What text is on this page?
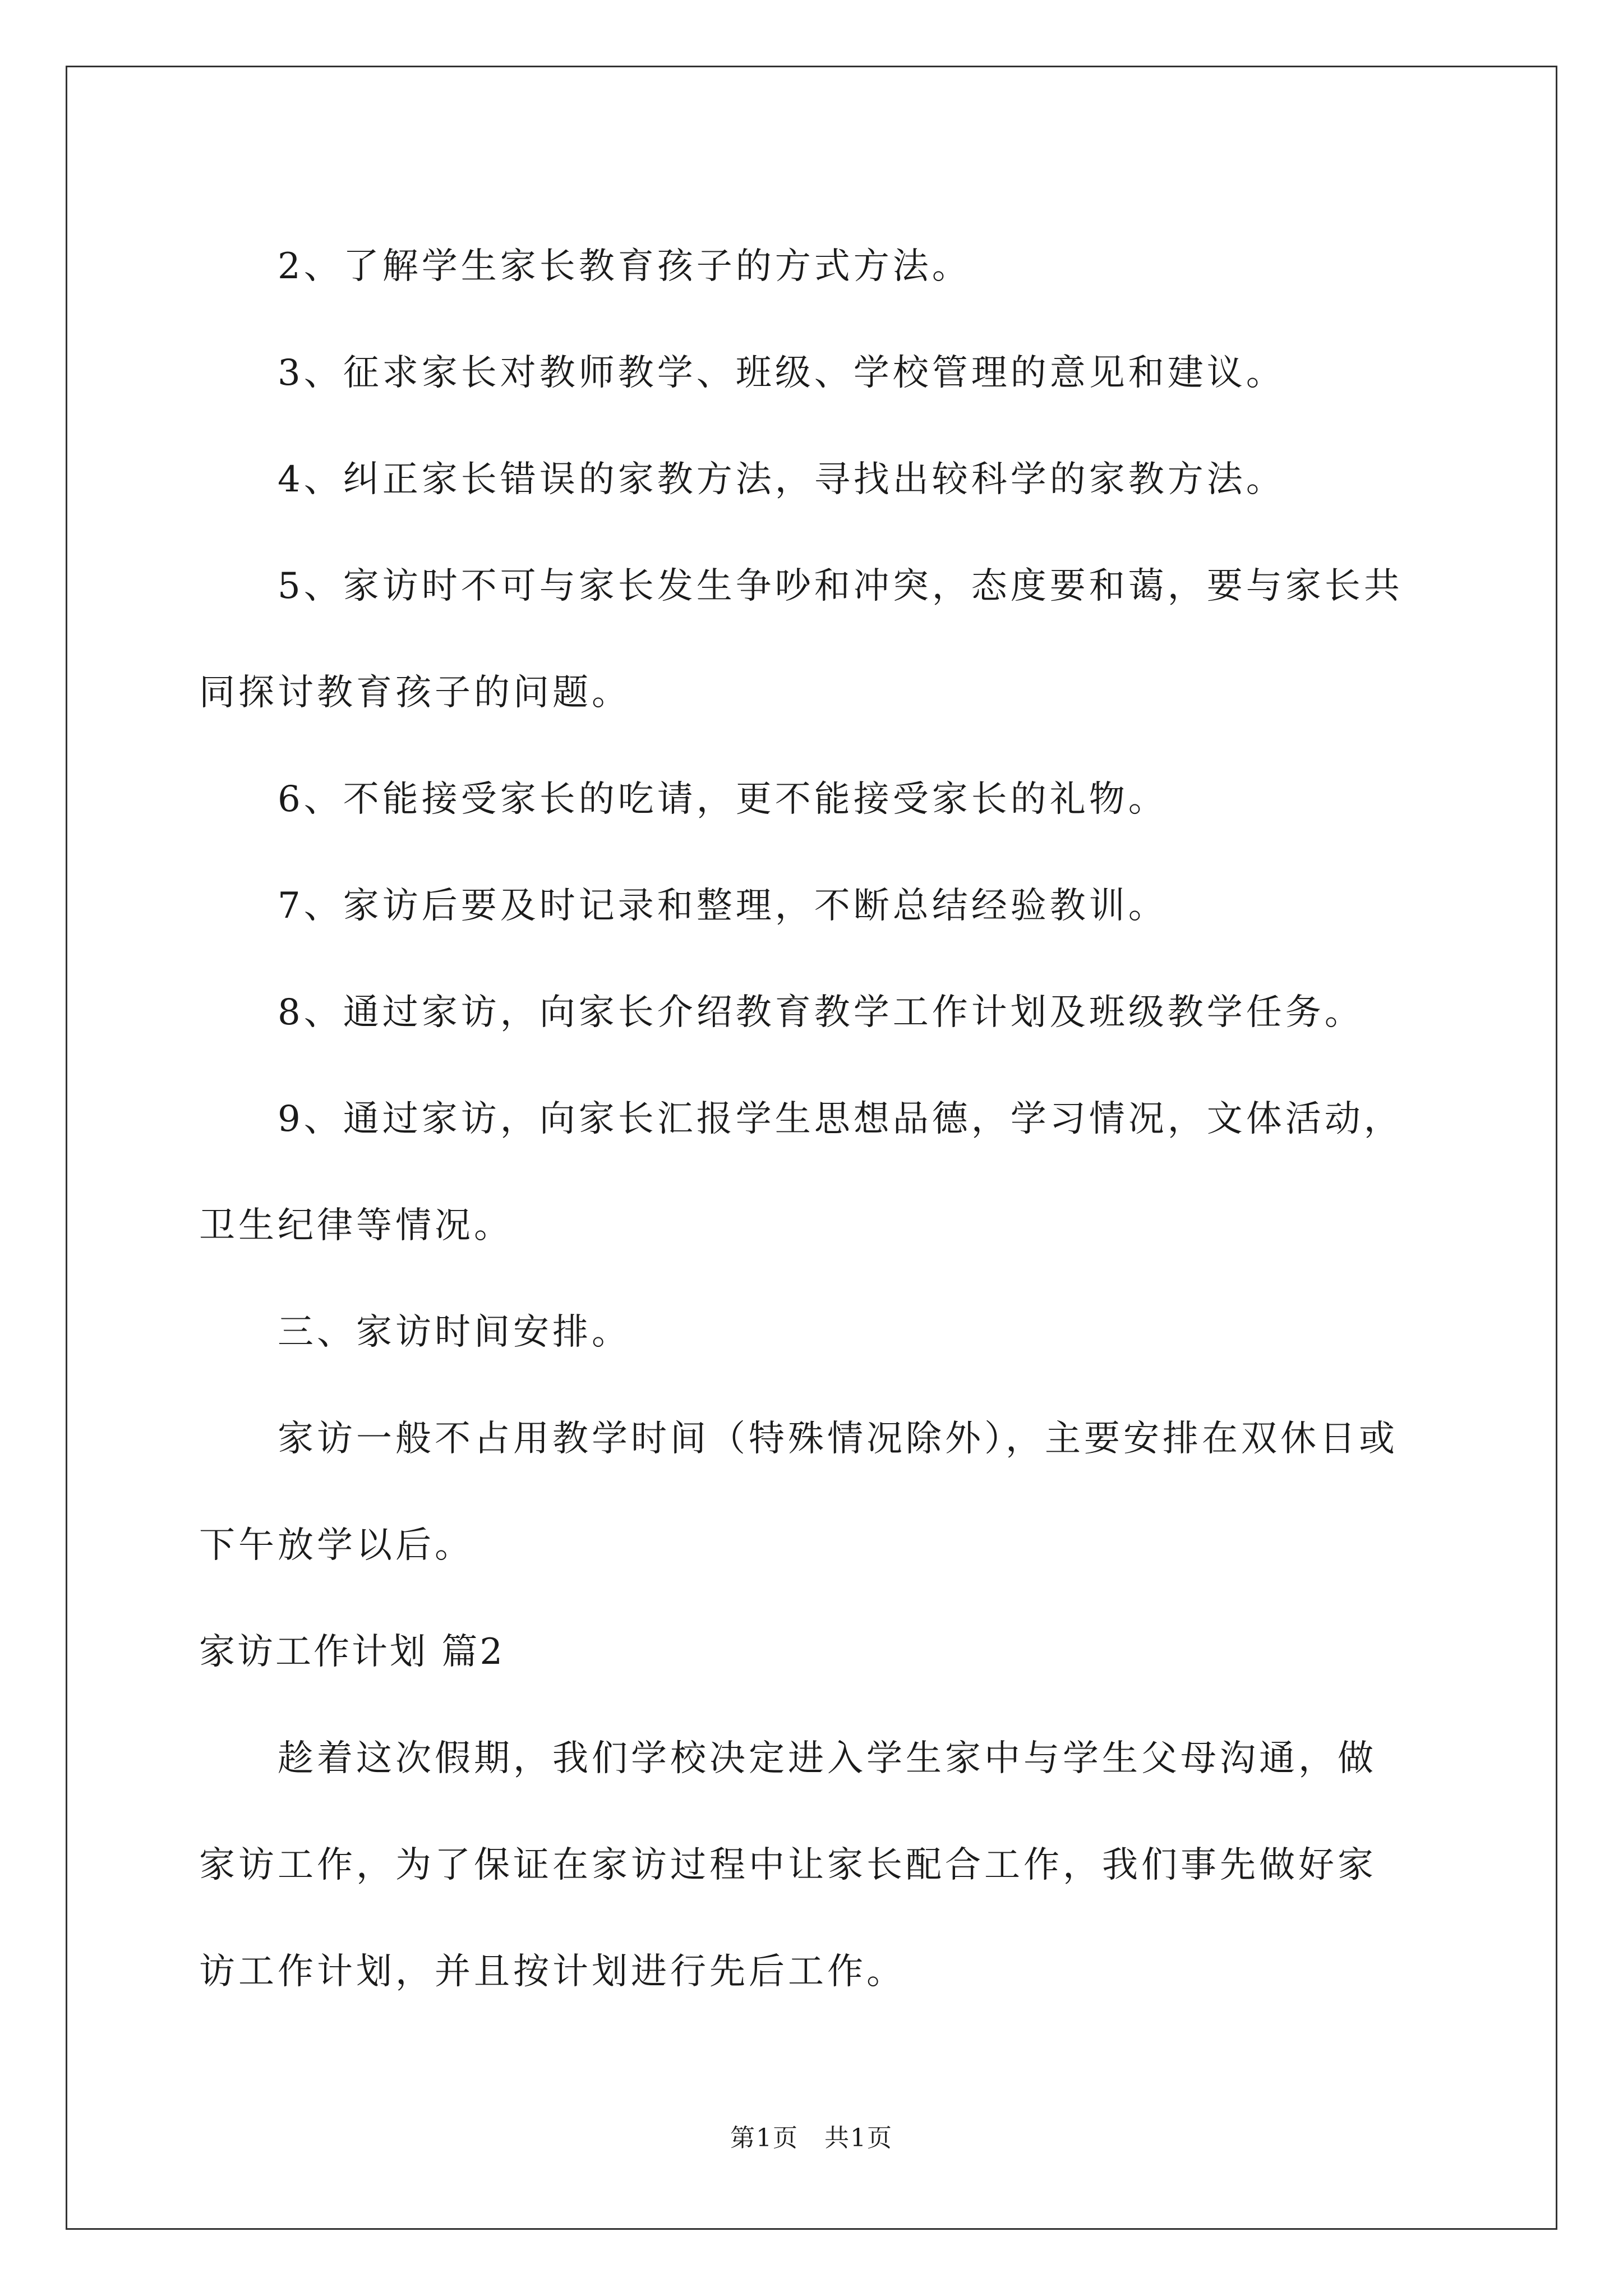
2、了解学生家长教育孩子的方式方法。

3、征求家长对教师教学、班级、学校管理的意见和建议。

4、纠正家长错误的家教方法，寻找出较科学的家教方法。

5、家访时不可与家长发生争吵和冲突，态度要和蔼，要与家长共

同探讨教育孩子的问题。

6、不能接受家长的吃请，更不能接受家长的礼物。

7、家访后要及时记录和整理，不断总结经验教训。

8、通过家访，向家长介绍教育教学工作计划及班级教学任务。

9、通过家访，向家长汇报学生思想品德，学习情况，文体活动，

卫生纪律等情况。

三、家访时间安排。

家访一般不占用教学时间（特殊情况除外），主要安排在双休日或

下午放学以后。

家访工作计划 篇2

趁着这次假期，我们学校决定进入学生家中与学生父母沟通，做

家访工作，为了保证在家访过程中让家长配合工作，我们事先做好家

访工作计划，并且按计划进行先后工作。

第1页　共1页
